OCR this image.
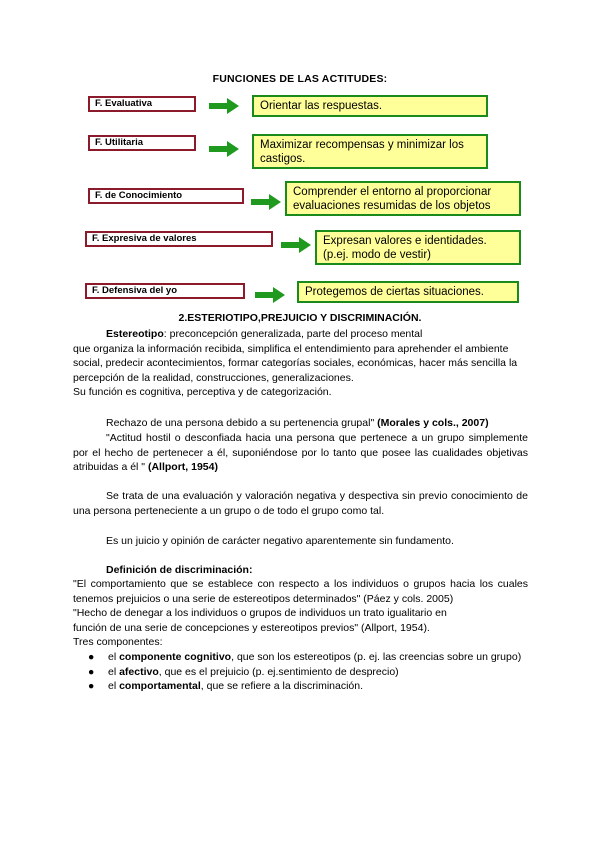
FUNCIONES DE LAS ACTITUDES:
F. Evaluativa	Orientar las respuestas.
F. Utilitaria	Maximizar recompensas y minimizar los castigos.
F. de Conocimiento	Comprender el entorno al proporcionar evaluaciones resumidas de los objetos
F. Expresiva de valores	Expresan valores e identidades. (p.ej. modo de vestir)
F. Defensiva del yo	Protegemos de ciertas situaciones.
2.ESTERIOTIPO,PREJUICIO Y DISCRIMINACIÓN.

Estereotipo: preconcepción generalizada, parte del proceso mental
que organiza la información recibida, simplifica el entendimiento para aprehender el ambiente social, predecir acontecimientos, formar categorías sociales, económicas, hacer más sencilla la percepción de la realidad, construcciones, generalizaciones.
Su función es cognitiva, perceptiva y de categorización.

Rechazo de una persona debido a su pertenencia grupal" (Morales y cols., 2007)

"Actitud hostil o desconfiada hacia una persona que pertenece a un grupo simplemente por el hecho de pertenecer a él, suponiéndose por lo tanto que posee las cualidades objetivas atribuidas a él " (Allport, 1954)

Se trata de una evaluación y valoración negativa y despectiva sin previo conocimiento de una persona perteneciente a un grupo o de todo el grupo como tal.

Es un juicio y opinión de carácter negativo aparentemente sin fundamento.

Definición de discriminación:

"El comportamiento que se establece con respecto a los individuos o grupos hacia los cuales tenemos prejuicios o una serie de estereotipos determinados" (Páez y cols. 2005)

"Hecho de denegar a los individuos o grupos de individuos un trato igualitario en
función de una serie de concepciones y estereotipos previos" (Allport, 1954).
Tres componentes:

● el componente cognitivo, que son los estereotipos (p. ej. las creencias sobre un grupo)
● el afectivo, que es el prejuicio (p. ej.sentimiento de desprecio)
● el comportamental, que se refiere a la discriminación.
